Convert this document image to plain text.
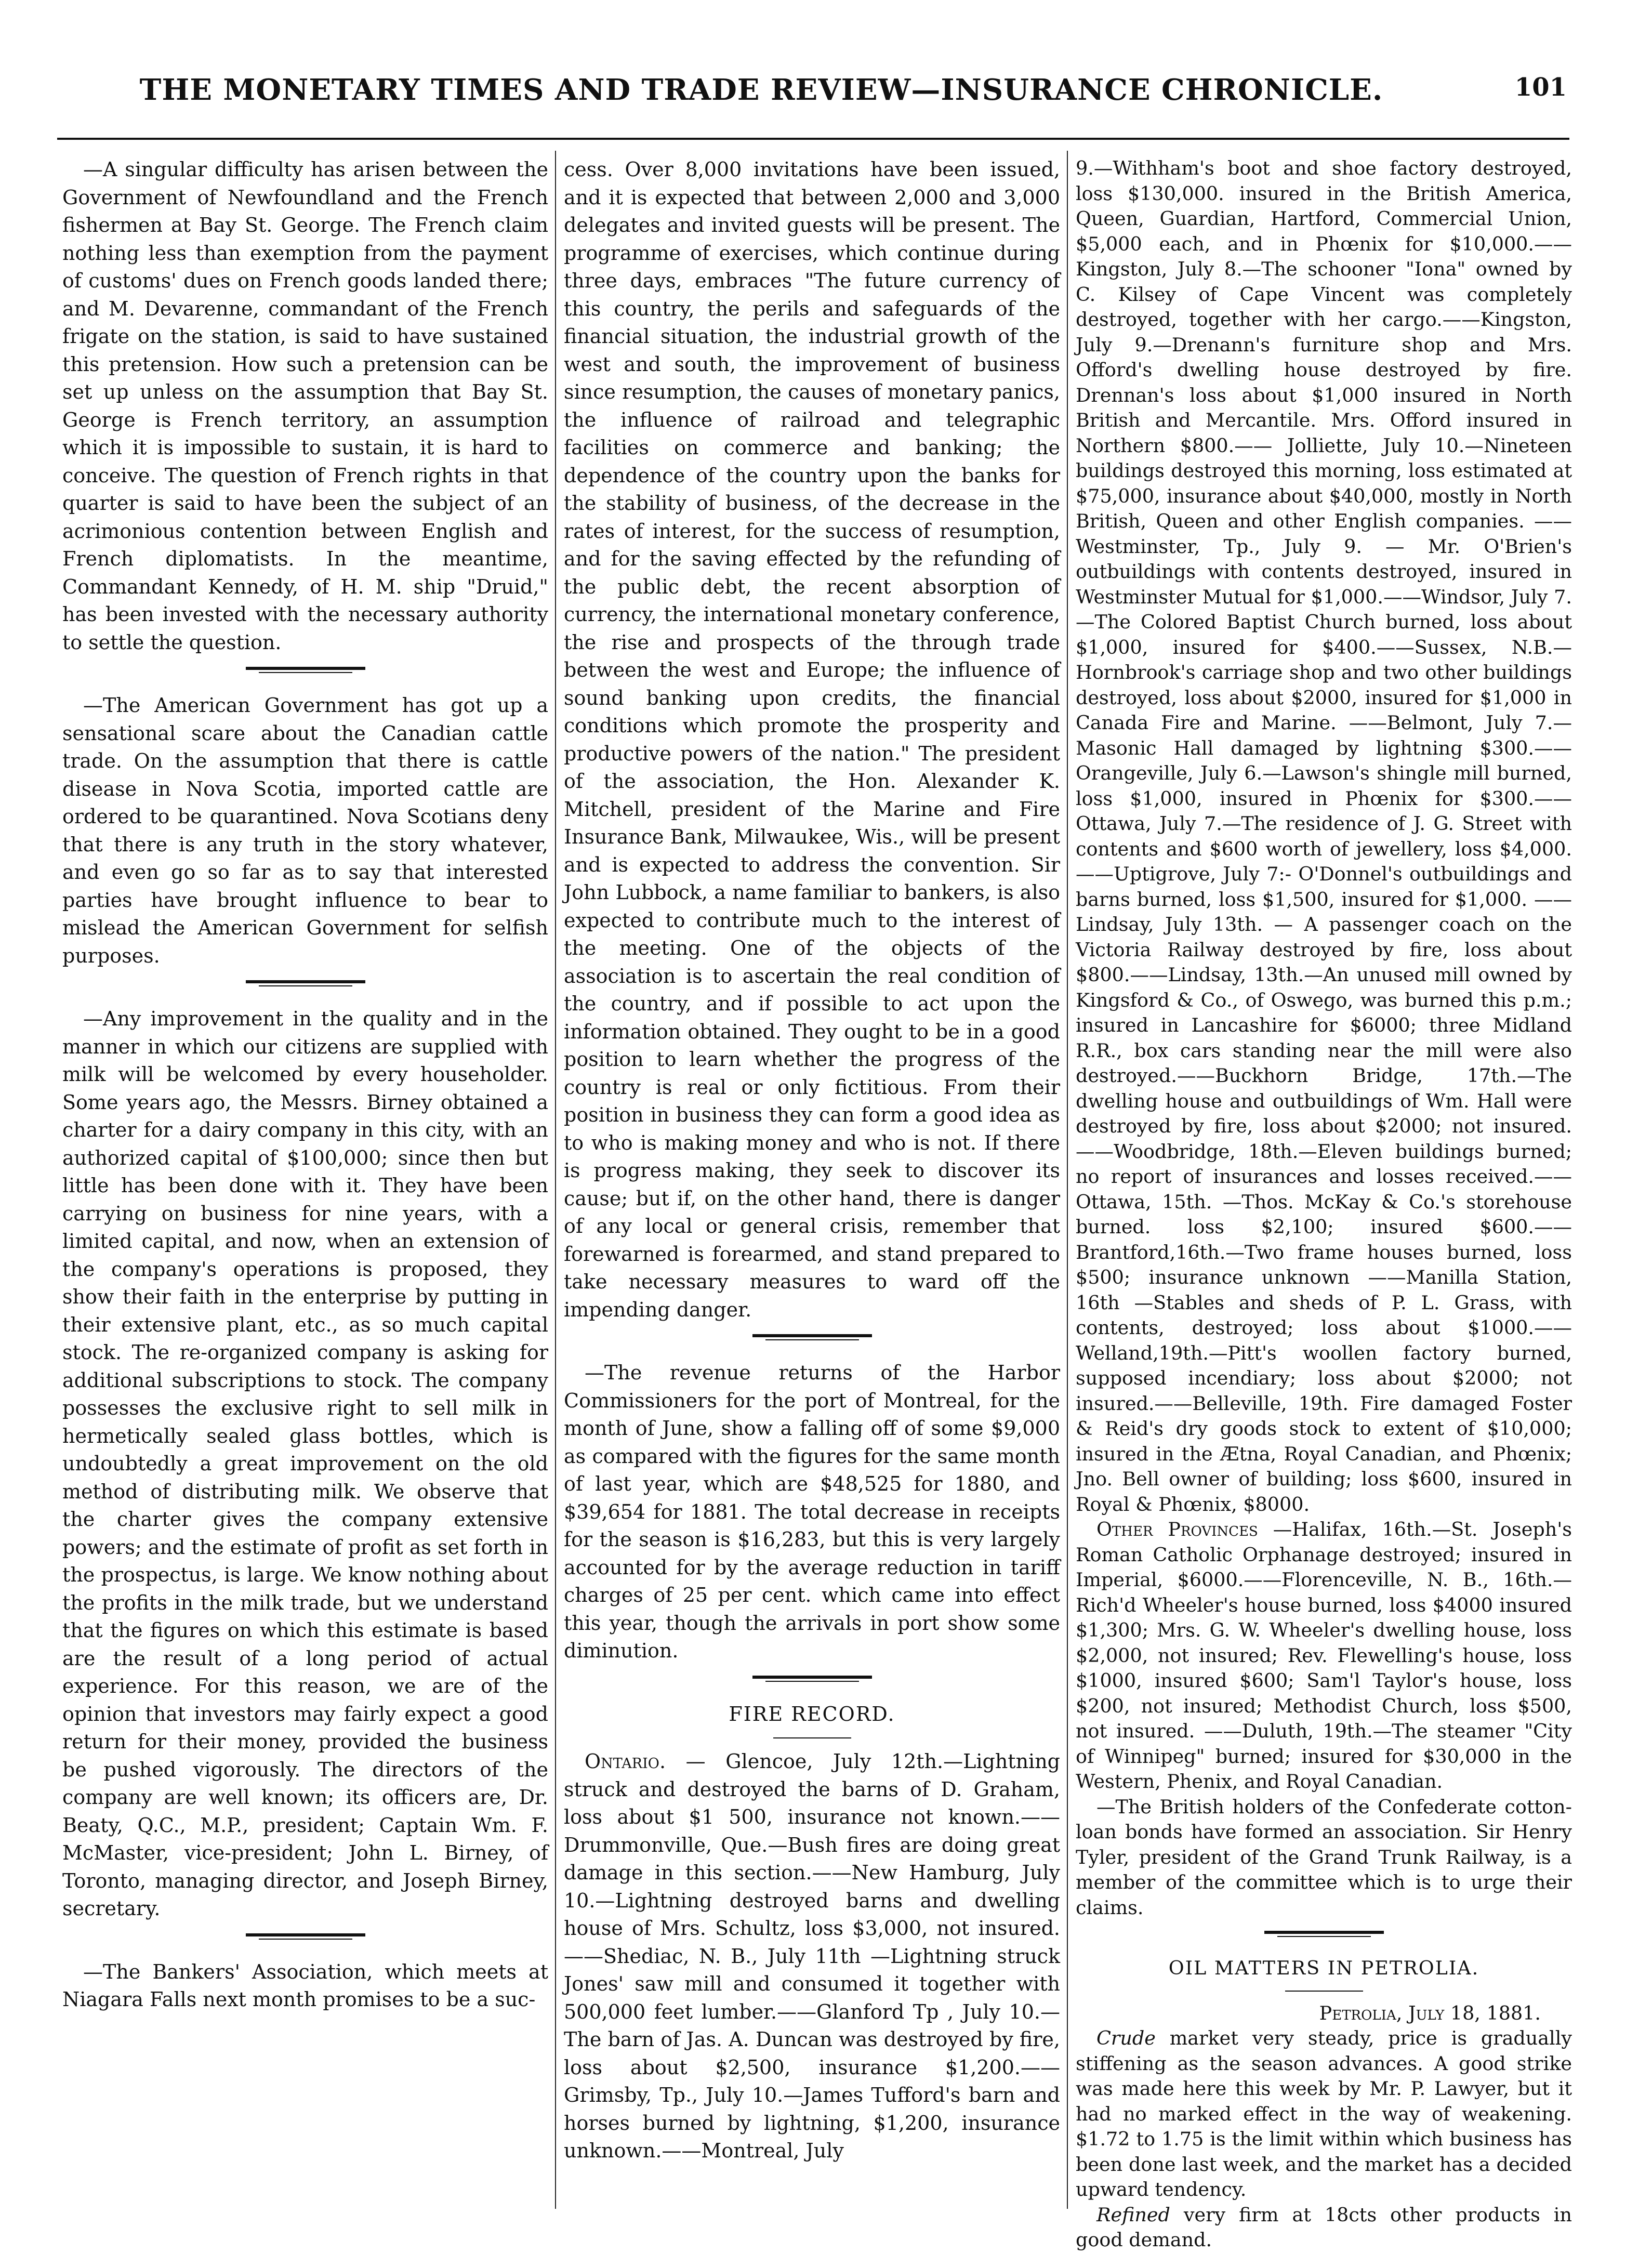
THE MONETARY TIMES AND TRADE REVIEW—INSURANCE CHRONICLE.	101

—A singular difficulty has arisen between the Government of Newfoundland and the French fishermen at Bay St. George. The French claim nothing less than exemption from the payment of customs' dues on French goods landed there; and M. Devarenne, commandant of the French frigate on the station, is said to have sustained this pretension. How such a pretension can be set up unless on the assumption that Bay St. George is French territory, an assumption which it is impossible to sustain, it is hard to conceive. The question of French rights in that quarter is said to have been the subject of an acrimonious contention between English and French diplomatists. In the meantime, Commandant Kennedy, of H. M. ship "Druid," has been invested with the necessary authority to settle the question.

—The American Government has got up a sensational scare about the Canadian cattle trade. On the assumption that there is cattle disease in Nova Scotia, imported cattle are ordered to be quarantined. Nova Scotians deny that there is any truth in the story whatever, and even go so far as to say that interested parties have brought influence to bear to mislead the American Government for selfish purposes.

—Any improvement in the quality and in the manner in which our citizens are supplied with milk will be welcomed by every householder. Some years ago, the Messrs. Birney obtained a charter for a dairy company in this city, with an authorized capital of $100,000; since then but little has been done with it. They have been carrying on business for nine years, with a limited capital, and now, when an extension of the company's operations is proposed, they show their faith in the enterprise by putting in their extensive plant, etc., as so much capital stock. The re-organized company is asking for additional subscriptions to stock. The company possesses the exclusive right to sell milk in hermetically sealed glass bottles, which is undoubtedly a great improvement on the old method of distributing milk. We observe that the charter gives the company extensive powers; and the estimate of profit as set forth in the prospectus, is large. We know nothing about the profits in the milk trade, but we understand that the figures on which this estimate is based are the result of a long period of actual experience. For this reason, we are of the opinion that investors may fairly expect a good return for their money, provided the business be pushed vigorously. The directors of the company are well known; its officers are, Dr. Beaty, Q.C., M.P., president; Captain Wm. F. McMaster, vice-president; John L. Birney, of Toronto, managing director, and Joseph Birney, secretary.

—The Bankers' Association, which meets at Niagara Falls next month promises to be a suc-

cess. Over 8,000 invitations have been issued, and it is expected that between 2,000 and 3,000 delegates and invited guests will be present. The programme of exercises, which continue during three days, embraces "The future currency of this country, the perils and safeguards of the financial situation, the industrial growth of the west and south, the improvement of business since resumption, the causes of monetary panics, the influence of railroad and telegraphic facilities on commerce and banking; the dependence of the country upon the banks for the stability of business, of the decrease in the rates of interest, for the success of resumption, and for the saving effected by the refunding of the public debt, the recent absorption of currency, the international monetary conference, the rise and prospects of the through trade between the west and Europe; the influence of sound banking upon credits, the financial conditions which promote the prosperity and productive powers of the nation." The president of the association, the Hon. Alexander K. Mitchell, president of the Marine and Fire Insurance Bank, Milwaukee, Wis., will be present and is expected to address the convention. Sir John Lubbock, a name familiar to bankers, is also expected to contribute much to the interest of the meeting. One of the objects of the association is to ascertain the real condition of the country, and if possible to act upon the information obtained. They ought to be in a good position to learn whether the progress of the country is real or only fictitious. From their position in business they can form a good idea as to who is making money and who is not. If there is progress making, they seek to discover its cause; but if, on the other hand, there is danger of any local or general crisis, remember that forewarned is forearmed, and stand prepared to take necessary measures to ward off the impending danger.

—The revenue returns of the Harbor Commissioners for the port of Montreal, for the month of June, show a falling off of some $9,000 as compared with the figures for the same month of last year, which are $48,525 for 1880, and $39,654 for 1881. The total decrease in receipts for the season is $16,283, but this is very largely accounted for by the average reduction in tariff charges of 25 per cent. which came into effect this year, though the arrivals in port show some diminution.

FIRE RECORD.

Ontario. — Glencoe, July 12th.—Lightning struck and destroyed the barns of D. Graham, loss about $1 500, insurance not known.——Drummonville, Que.—Bush fires are doing great damage in this section.——New Hamburg, July 10.—Lightning destroyed barns and dwelling house of Mrs. Schultz, loss $3,000, not insured. ——Shediac, N. B., July 11th —Lightning struck Jones' saw mill and consumed it together with 500,000 feet lumber.——Glanford Tp , July 10.—The barn of Jas. A. Duncan was destroyed by fire, loss about $2,500, insurance $1,200.——Grimsby, Tp., July 10.—James Tufford's barn and horses burned by lightning, $1,200, insurance unknown.——Montreal, July

9.—Withham's boot and shoe factory destroyed, loss $130,000. insured in the British America, Queen, Guardian, Hartford, Commercial Union, $5,000 each, and in Phœnix for $10,000.——Kingston, July 8.—The schooner "Iona" owned by C. Kilsey of Cape Vincent was completely destroyed, together with her cargo.——Kingston, July 9.—Drenann's furniture shop and Mrs. Offord's dwelling house destroyed by fire. Drennan's loss about $1,000 insured in North British and Mercantile. Mrs. Offord insured in Northern $800.—— Jolliette, July 10.—Nineteen buildings destroyed this morning, loss estimated at $75,000, insurance about $40,000, mostly in North British, Queen and other English companies. —— Westminster, Tp., July 9. — Mr. O'Brien's outbuildings with contents destroyed, insured in Westminster Mutual for $1,000.——Windsor, July 7.—The Colored Baptist Church burned, loss about $1,000, insured for $400.——Sussex, N.B.—Hornbrook's carriage shop and two other buildings destroyed, loss about $2000, insured for $1,000 in Canada Fire and Marine. ——Belmont, July 7.—Masonic Hall damaged by lightning $300.——Orangeville, July 6.—Lawson's shingle mill burned, loss $1,000, insured in Phœnix for $300.——Ottawa, July 7.—The residence of J. G. Street with contents and $600 worth of jewellery, loss $4,000.——Uptigrove, July 7:- O'Donnel's outbuildings and barns burned, loss $1,500, insured for $1,000. ——Lindsay, July 13th. — A passenger coach on the Victoria Railway destroyed by fire, loss about $800.——Lindsay, 13th.—An unused mill owned by Kingsford & Co., of Oswego, was burned this p.m.; insured in Lancashire for $6000; three Midland R.R., box cars standing near the mill were also destroyed.——Buckhorn Bridge, 17th.—The dwelling house and outbuildings of Wm. Hall were destroyed by fire, loss about $2000; not insured.——Woodbridge, 18th.—Eleven buildings burned; no report of insurances and losses received.——Ottawa, 15th. —Thos. McKay & Co.'s storehouse burned. loss $2,100; insured $600.——Brantford,16th.—Two frame houses burned, loss $500; insurance unknown ——Manilla Station, 16th —Stables and sheds of P. L. Grass, with contents, destroyed; loss about $1000.——Welland,19th.—Pitt's woollen factory burned, supposed incendiary; loss about $2000; not insured.——Belleville, 19th. Fire damaged Foster & Reid's dry goods stock to extent of $10,000; insured in the Ætna, Royal Canadian, and Phœnix; Jno. Bell owner of building; loss $600, insured in Royal & Phœnix, $8000.

Other Provinces —Halifax, 16th.—St. Joseph's Roman Catholic Orphanage destroyed; insured in Imperial, $6000.——Florenceville, N. B., 16th.—Rich'd Wheeler's house burned, loss $4000 insured $1,300; Mrs. G. W. Wheeler's dwelling house, loss $2,000, not insured; Rev. Flewelling's house, loss $1000, insured $600; Sam'l Taylor's house, loss $200, not insured; Methodist Church, loss $500, not insured. ——Duluth, 19th.—The steamer "City of Winnipeg" burned; insured for $30,000 in the Western, Phenix, and Royal Canadian.

—The British holders of the Confederate cotton-loan bonds have formed an association. Sir Henry Tyler, president of the Grand Trunk Railway, is a member of the committee which is to urge their claims.

OIL MATTERS IN PETROLIA.

Petrolia, July 18, 1881.

Crude market very steady, price is gradually stiffening as the season advances. A good strike was made here this week by Mr. P. Lawyer, but it had no marked effect in the way of weakening. $1.72 to 1.75 is the limit within which business has been done last week, and the market has a decided upward tendency.

Refined very firm at 18cts other products in good demand.
